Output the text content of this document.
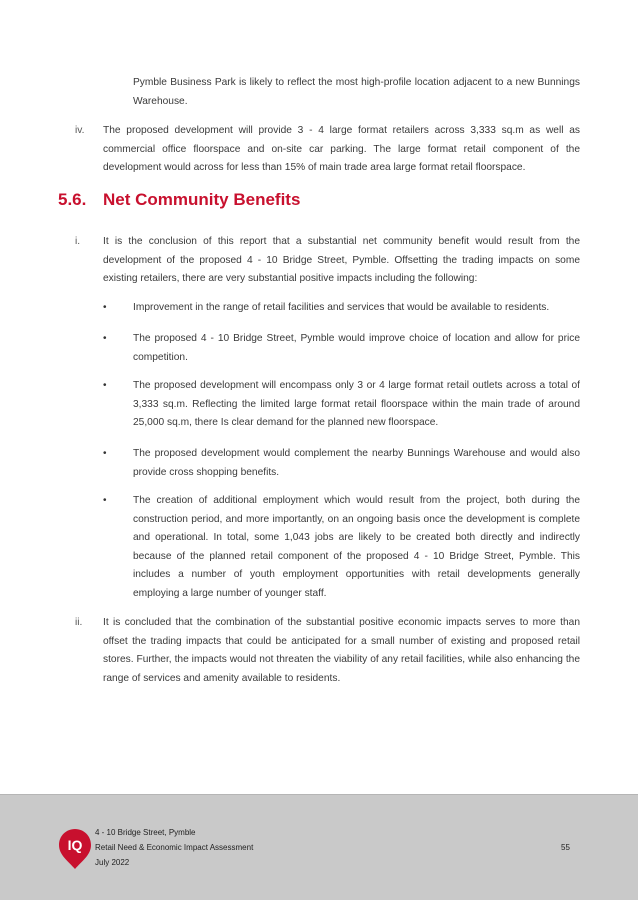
Pymble Business Park is likely to reflect the most high-profile location adjacent to a new Bunnings Warehouse.

iv. The proposed development will provide 3 - 4 large format retailers across 3,333 sq.m as well as commercial office floorspace and on-site car parking. The large format retail component of the development would across for less than 15% of main trade area large format retail floorspace.

5.6. Net Community Benefits
i. It is the conclusion of this report that a substantial net community benefit would result from the development of the proposed 4 - 10 Bridge Street, Pymble. Offsetting the trading impacts on some existing retailers, there are very substantial positive impacts including the following:

•	Improvement in the range of retail facilities and services that would be available to residents.

•	The proposed 4 - 10 Bridge Street, Pymble would improve choice of location and allow for price competition.

•	The proposed development will encompass only 3 or 4 large format retail outlets across a total of 3,333 sq.m. Reflecting the limited large format retail floorspace within the main trade of around 25,000 sq.m, there Is clear demand for the planned new floorspace.

•	The proposed development would complement the nearby Bunnings Warehouse and would also provide cross shopping benefits.

•	The creation of additional employment which would result from the project, both during the construction period, and more importantly, on an ongoing basis once the development is complete and operational. In total, some 1,043 jobs are likely to be created both directly and indirectly because of the planned retail component of the proposed 4 - 10 Bridge Street, Pymble. This includes a number of youth employment opportunities with retail developments generally employing a large number of younger staff.

ii. It is concluded that the combination of the substantial positive economic impacts serves to more than offset the trading impacts that could be anticipated for a small number of existing and proposed retail stores. Further, the impacts would not threaten the viability of any retail facilities, while also enhancing the range of services and amenity available to residents.

IQ
4 - 10 Bridge Street, Pymble
Retail Need & Economic Impact Assessment
July 2022
55
